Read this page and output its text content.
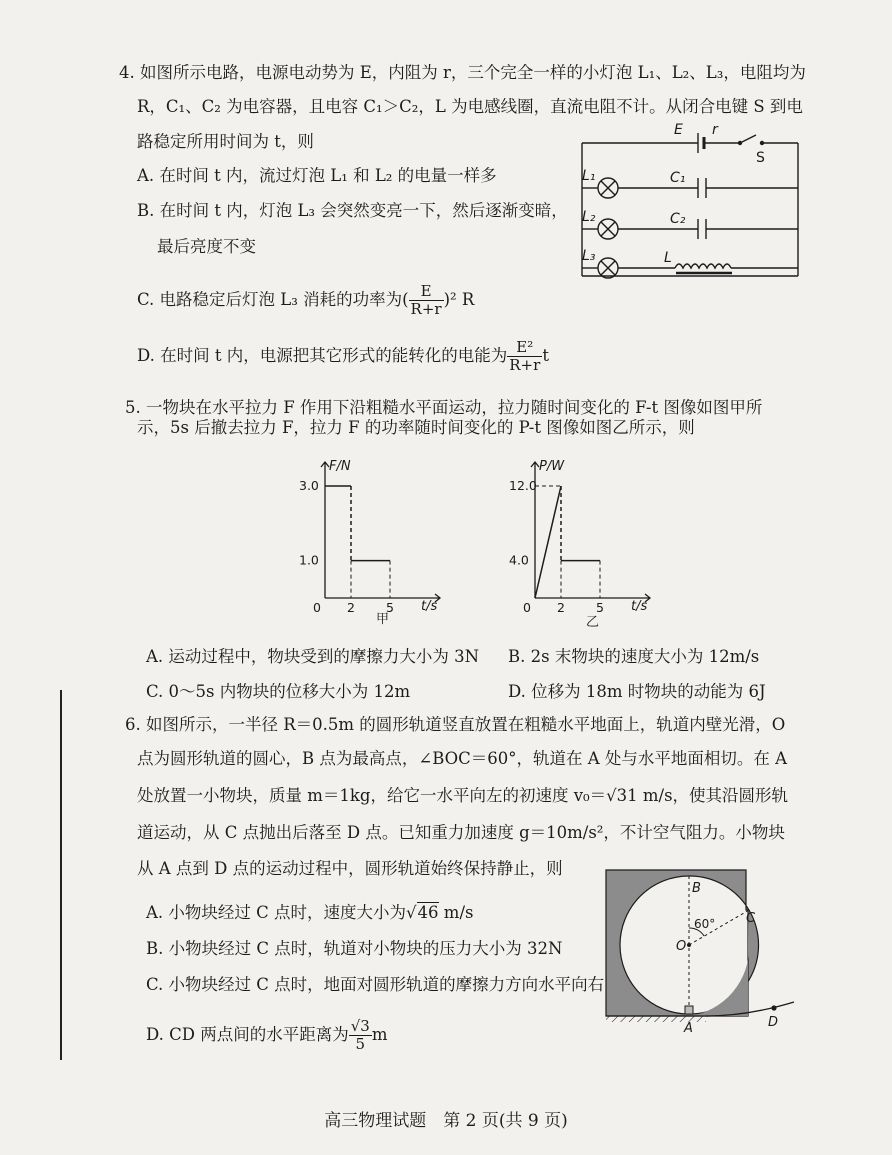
4. 如图所示电路，电源电动势为 E，内阻为 r，三个完全一样的小灯泡 L₁、L₂、L₃，电阻均为
R，C₁、C₂ 为电容器，且电容 C₁＞C₂，L 为电感线圈，直流电阻不计。从闭合电键 S 到电
路稳定所用时间为 t，则
A. 在时间 t 内，流过灯泡 L₁ 和 L₂ 的电量一样多
B. 在时间 t 内，灯泡 L₃ 会突然变亮一下，然后逐渐变暗，
最后亮度不变
C. 电路稳定后灯泡 L₃ 消耗的功率为( $\frac{E}{R+r} )^2$ R
D. 在时间 t 内，电源把其它形式的能转化的电能为 $\frac{\text{E²}}{R+r}$ t
E r
S
L₁	C₁
L₂	C₂
L₃	L
5. 一物块在水平拉力 F 作用下沿粗糙水平面运动，拉力随时间变化的 F-t 图像如图甲所
示，5s 后撤去拉力 F，拉力 F 的功率随时间变化的 P-t 图像如图乙所示，则
1.0
3.0
0 2 5
F/N
t/s
甲
4.0
12.0
0 2 5
P/W
t/s
乙
A. 运动过程中，物块受到的摩擦力大小为 3N B. 2s 末物块的速度大小为 12m/s
C. 0～5s 内物块的位移大小为 12m	D. 位移为 18m 时物块的动能为 6J
6. 如图所示，一半径 R＝0.5m 的圆形轨道竖直放置在粗糙水平地面上，轨道内壁光滑，O
点为圆形轨道的圆心，B 点为最高点，∠BOC＝60°，轨道在 A 处与水平地面相切。在 A
处放置一小物块，质量 m＝1kg，给它一水平向左的初速度 v₀＝√31 m/s，使其沿圆形轨
道运动，从 C 点抛出后落至 D 点。已知重力加速度 g＝10m/s²，不计空气阻力。小物块
从 A 点到 D 点的运动过程中，圆形轨道始终保持静止，则
A. 小物块经过 C 点时，速度大小为√46 m/s
B. 小物块经过 C 点时，轨道对小物块的压力大小为 32N
C. 小物块经过 C 点时，地面对圆形轨道的摩擦力方向水平向右
D. CD 两点间的水平距离为 $\frac{√3}{5}$ m
B
C
O
A	D
60°
高三物理试题　第 2 页(共 9 页)
